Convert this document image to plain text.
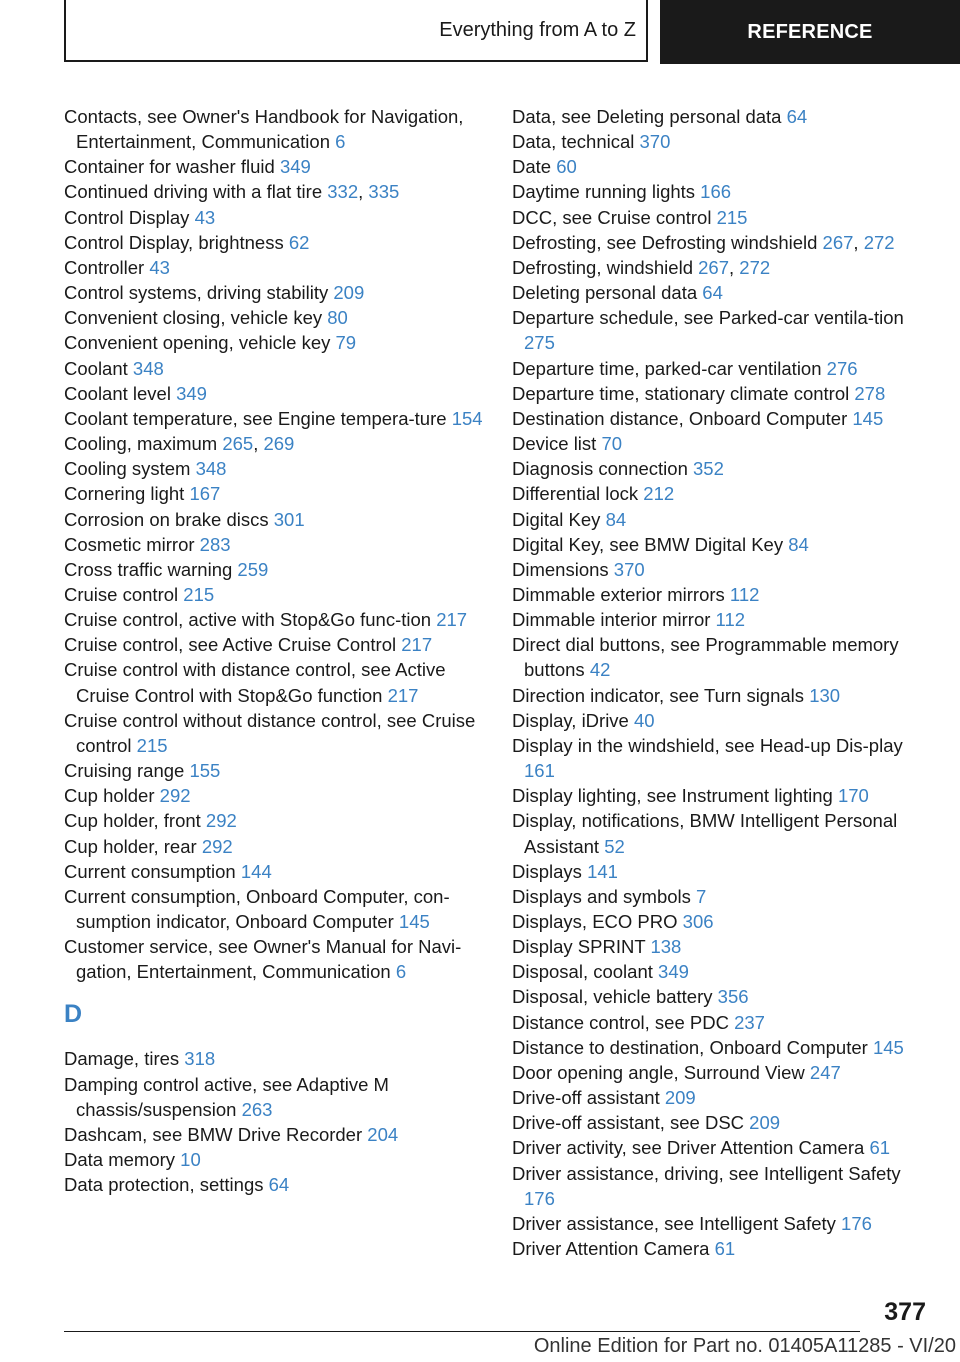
Everything from A to Z	REFERENCE
Contacts, see Owner's Handbook for Navigation, Entertainment, Communication 6
Container for washer fluid 349
Continued driving with a flat tire 332, 335
Control Display 43
Control Display, brightness 62
Controller 43
Control systems, driving stability 209
Convenient closing, vehicle key 80
Convenient opening, vehicle key 79
Coolant 348
Coolant level 349
Coolant temperature, see Engine tempera-ture 154
Cooling, maximum 265, 269
Cooling system 348
Cornering light 167
Corrosion on brake discs 301
Cosmetic mirror 283
Cross traffic warning 259
Cruise control 215
Cruise control, active with Stop&Go func-tion 217
Cruise control, see Active Cruise Control 217
Cruise control with distance control, see Active Cruise Control with Stop&Go function 217
Cruise control without distance control, see Cruise control 215
Cruising range 155
Cup holder 292
Cup holder, front 292
Cup holder, rear 292
Current consumption 144
Current consumption, Onboard Computer, con-sumption indicator, Onboard Computer 145
Customer service, see Owner's Manual for Navi-gation, Entertainment, Communication 6
D
Damage, tires 318
Damping control active, see Adaptive M chassis/suspension 263
Dashcam, see BMW Drive Recorder 204
Data memory 10
Data protection, settings 64
Data, see Deleting personal data 64
Data, technical 370
Date 60
Daytime running lights 166
DCC, see Cruise control 215
Defrosting, see Defrosting windshield 267, 272
Defrosting, windshield 267, 272
Deleting personal data 64
Departure schedule, see Parked-car ventila-tion 275
Departure time, parked-car ventilation 276
Departure time, stationary climate control 278
Destination distance, Onboard Computer 145
Device list 70
Diagnosis connection 352
Differential lock 212
Digital Key 84
Digital Key, see BMW Digital Key 84
Dimensions 370
Dimmable exterior mirrors 112
Dimmable interior mirror 112
Direct dial buttons, see Programmable memory buttons 42
Direction indicator, see Turn signals 130
Display, iDrive 40
Display in the windshield, see Head-up Dis-play 161
Display lighting, see Instrument lighting 170
Display, notifications, BMW Intelligent Personal Assistant 52
Displays 141
Displays and symbols 7
Displays, ECO PRO 306
Display SPRINT 138
Disposal, coolant 349
Disposal, vehicle battery 356
Distance control, see PDC 237
Distance to destination, Onboard Computer 145
Door opening angle, Surround View 247
Drive-off assistant 209
Drive-off assistant, see DSC 209
Driver activity, see Driver Attention Camera 61
Driver assistance, driving, see Intelligent Safety 176
Driver assistance, see Intelligent Safety 176
Driver Attention Camera 61
377
Online Edition for Part no. 01405A11285 - VI/20
